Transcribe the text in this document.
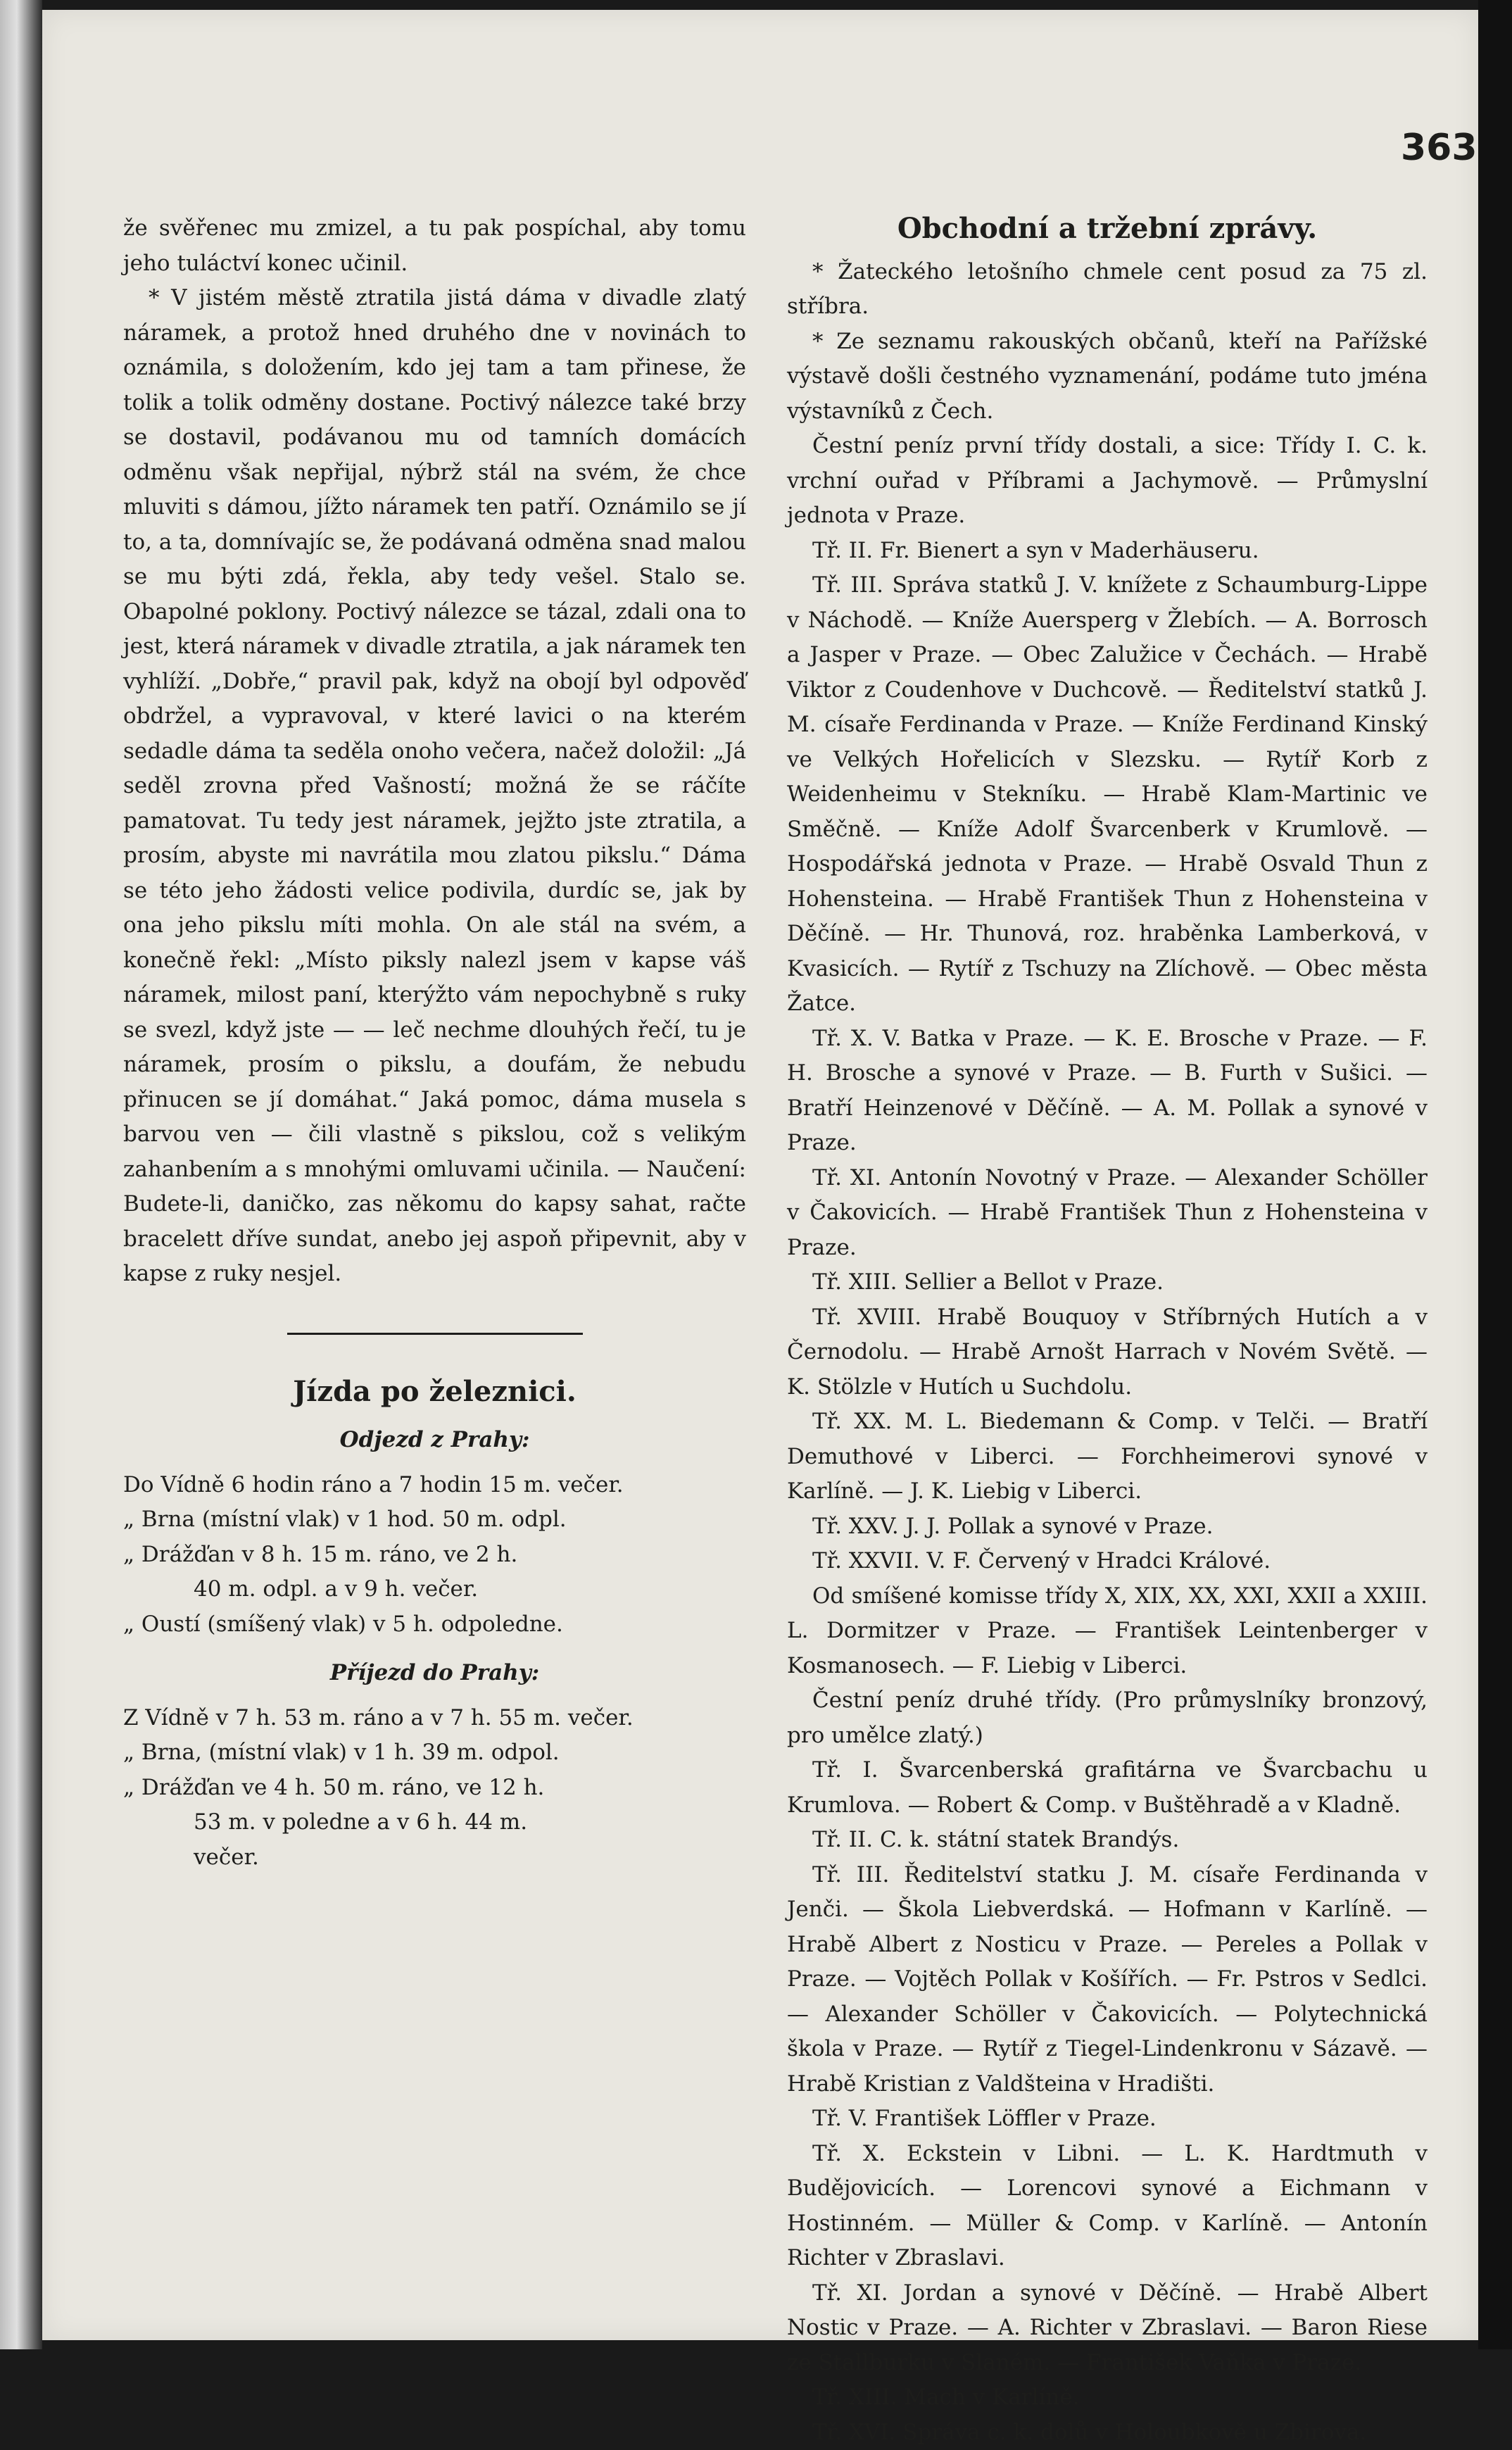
363

že svěřenec mu zmizel, a tu pak pospíchal, aby tomu jeho tuláctví konec učinil.

* V jistém městě ztratila jistá dáma v divadle zlatý náramek, a protož hned druhého dne v novinách to oznámila, s doložením, kdo jej tam a tam přinese, že tolik a tolik odměny dostane. Poctivý nálezce také brzy se dostavil, podávanou mu od tamních domácích odměnu však nepřijal, nýbrž stál na svém, že chce mluviti s dámou, jížto náramek ten patří. Oznámilo se jí to, a ta, domnívajíc se, že podávaná odměna snad malou se mu býti zdá, řekla, aby tedy vešel. Stalo se. Obapolné poklony. Poctivý nálezce se tázal, zdali ona to jest, která náramek v divadle ztratila, a jak náramek ten vyhlíží. „Dobře,“ pravil pak, když na obojí byl odpověď obdržel, a vypravoval, v které lavici o na kterém sedadle dáma ta seděla onoho večera, načež doložil: „Já seděl zrovna před Vašností; možná že se ráčíte pamatovat. Tu tedy jest náramek, jejžto jste ztratila, a prosím, abyste mi navrátila mou zlatou pikslu.“ Dáma se této jeho žádosti velice podivila, durdíc se, jak by ona jeho pikslu míti mohla. On ale stál na svém, a konečně řekl: „Místo piksly nalezl jsem v kapse váš náramek, milost paní, kterýžto vám nepochybně s ruky se svezl, když jste — — leč nechme dlouhých řečí, tu je náramek, prosím o pikslu, a doufám, že nebudu přinucen se jí domáhat.“ Jaká pomoc, dáma musela s barvou ven — čili vlastně s pikslou, což s velikým zahanbením a s mnohými omluvami učinila. — Naučení: Budete-li, daničko, zas někomu do kapsy sahat, račte bracelett dříve sundat, anebo jej aspoň připevnit, aby v kapse z ruky nesjel.

Jízda po železnici.
Odjezd z Prahy:

Do Vídně 6 hodin ráno a 7 hodin 15 m. večer.

„ Brna (místní vlak) v 1 hod. 50 m. odpl.

„ Drážďan v 8 h. 15 m. ráno, ve 2 h.

40 m. odpl. a v 9 h. večer.

„ Oustí (smíšený vlak) v 5 h. odpoledne.

Příjezd do Prahy:

Z Vídně v 7 h. 53 m. ráno a v 7 h. 55 m. večer.

„ Brna, (místní vlak) v 1 h. 39 m. odpol.

„ Drážďan ve 4 h. 50 m. ráno, ve 12 h.

53 m. v poledne a v 6 h. 44 m.

večer.

Obchodní a tržební zprávy.

* Žateckého letošního chmele cent posud za 75 zl. stříbra.

* Ze seznamu rakouských občanů, kteří na Pařížské výstavě došli čestného vyznamenání, podáme tuto jména výstavníků z Čech.

Čestní peníz první třídy dostali, a sice: Třídy I. C. k. vrchní ouřad v Příbrami a Jachymově. — Průmyslní jednota v Praze.

Tř. II. Fr. Bienert a syn v Maderhäuseru.

Tř. III. Správa statků J. V. knížete z Schaumburg-Lippe v Náchodě. — Kníže Auersperg v Žlebích. — A. Borrosch a Jasper v Praze. — Obec Zalužice v Čechách. — Hrabě Viktor z Coudenhove v Duchcově. — Ředitelství statků J. M. císaře Ferdinanda v Praze. — Kníže Ferdinand Kinský ve Velkých Hořelicích v Slezsku. — Rytíř Korb z Weidenheimu v Stekníku. — Hrabě Klam-Martinic ve Směčně. — Kníže Adolf Švarcenberk v Krumlově. — Hospodářská jednota v Praze. — Hrabě Osvald Thun z Hohensteina. — Hrabě František Thun z Hohensteina v Děčíně. — Hr. Thunová, roz. hraběnka Lamberková, v Kvasicích. — Rytíř z Tschuzy na Zlíchově. — Obec města Žatce.

Tř. X. V. Batka v Praze. — K. E. Brosche v Praze. — F. H. Brosche a synové v Praze. — B. Furth v Sušici. — Bratří Heinzenové v Děčíně. — A. M. Pollak a synové v Praze.

Tř. XI. Antonín Novotný v Praze. — Alexander Schöller v Čakovicích. — Hrabě František Thun z Hohensteina v Praze.

Tř. XIII. Sellier a Bellot v Praze.

Tř. XVIII. Hrabě Bouquoy v Stříbrných Hutích a v Černodolu. — Hrabě Arnošt Harrach v Novém Světě. — K. Stölzle v Hutích u Suchdolu.

Tř. XX. M. L. Biedemann & Comp. v Telči. — Bratří Demuthové v Liberci. — Forchheimerovi synové v Karlíně. — J. K. Liebig v Liberci.

Tř. XXV. J. J. Pollak a synové v Praze.

Tř. XXVII. V. F. Červený v Hradci Králové.

Od smíšené komisse třídy X, XIX, XX, XXI, XXII a XXIII. L. Dormitzer v Praze. — František Leintenberger v Kosmanosech. — F. Liebig v Liberci.

Čestní peníz druhé třídy. (Pro průmyslníky bronzový, pro umělce zlatý.)

Tř. I. Švarcenberská grafitárna ve Švarcbachu u Krumlova. — Robert & Comp. v Buštěhradě a v Kladně.

Tř. II. C. k. státní statek Brandýs.

Tř. III. Ředitelství statku J. M. císaře Ferdinanda v Jenči. — Škola Liebverdská. — Hofmann v Karlíně. — Hrabě Albert z Nosticu v Praze. — Pereles a Pollak v Praze. — Vojtěch Pollak v Košířích. — Fr. Pstros v Sedlci. — Alexander Schöller v Čakovicích. — Polytechnická škola v Praze. — Rytíř z Tiegel-Lindenkronu v Sázavě. — Hrabě Kristian z Valdšteina v Hradišti.

Tř. V. František Löffler v Praze.

Tř. X. Eckstein v Libni. — L. K. Hardtmuth v Budějovicích. — Lorencovi synové a Eichmann v Hostinném. — Müller & Comp. v Karlíně. — Antonín Richter v Zbraslavi.

Tř. XI. Jordan a synové v Děčíně. — Hrabě Albert Nostic v Praze. — A. Richter v Zbraslavi. — Baron Riese ze Stallburku v Slaném. — František Vaňka v Praze.

Tř. XIII. Mach v Karlíně.

Tř. XVI. Správa c. k. dolů v Holoubkově u Zbirova.
